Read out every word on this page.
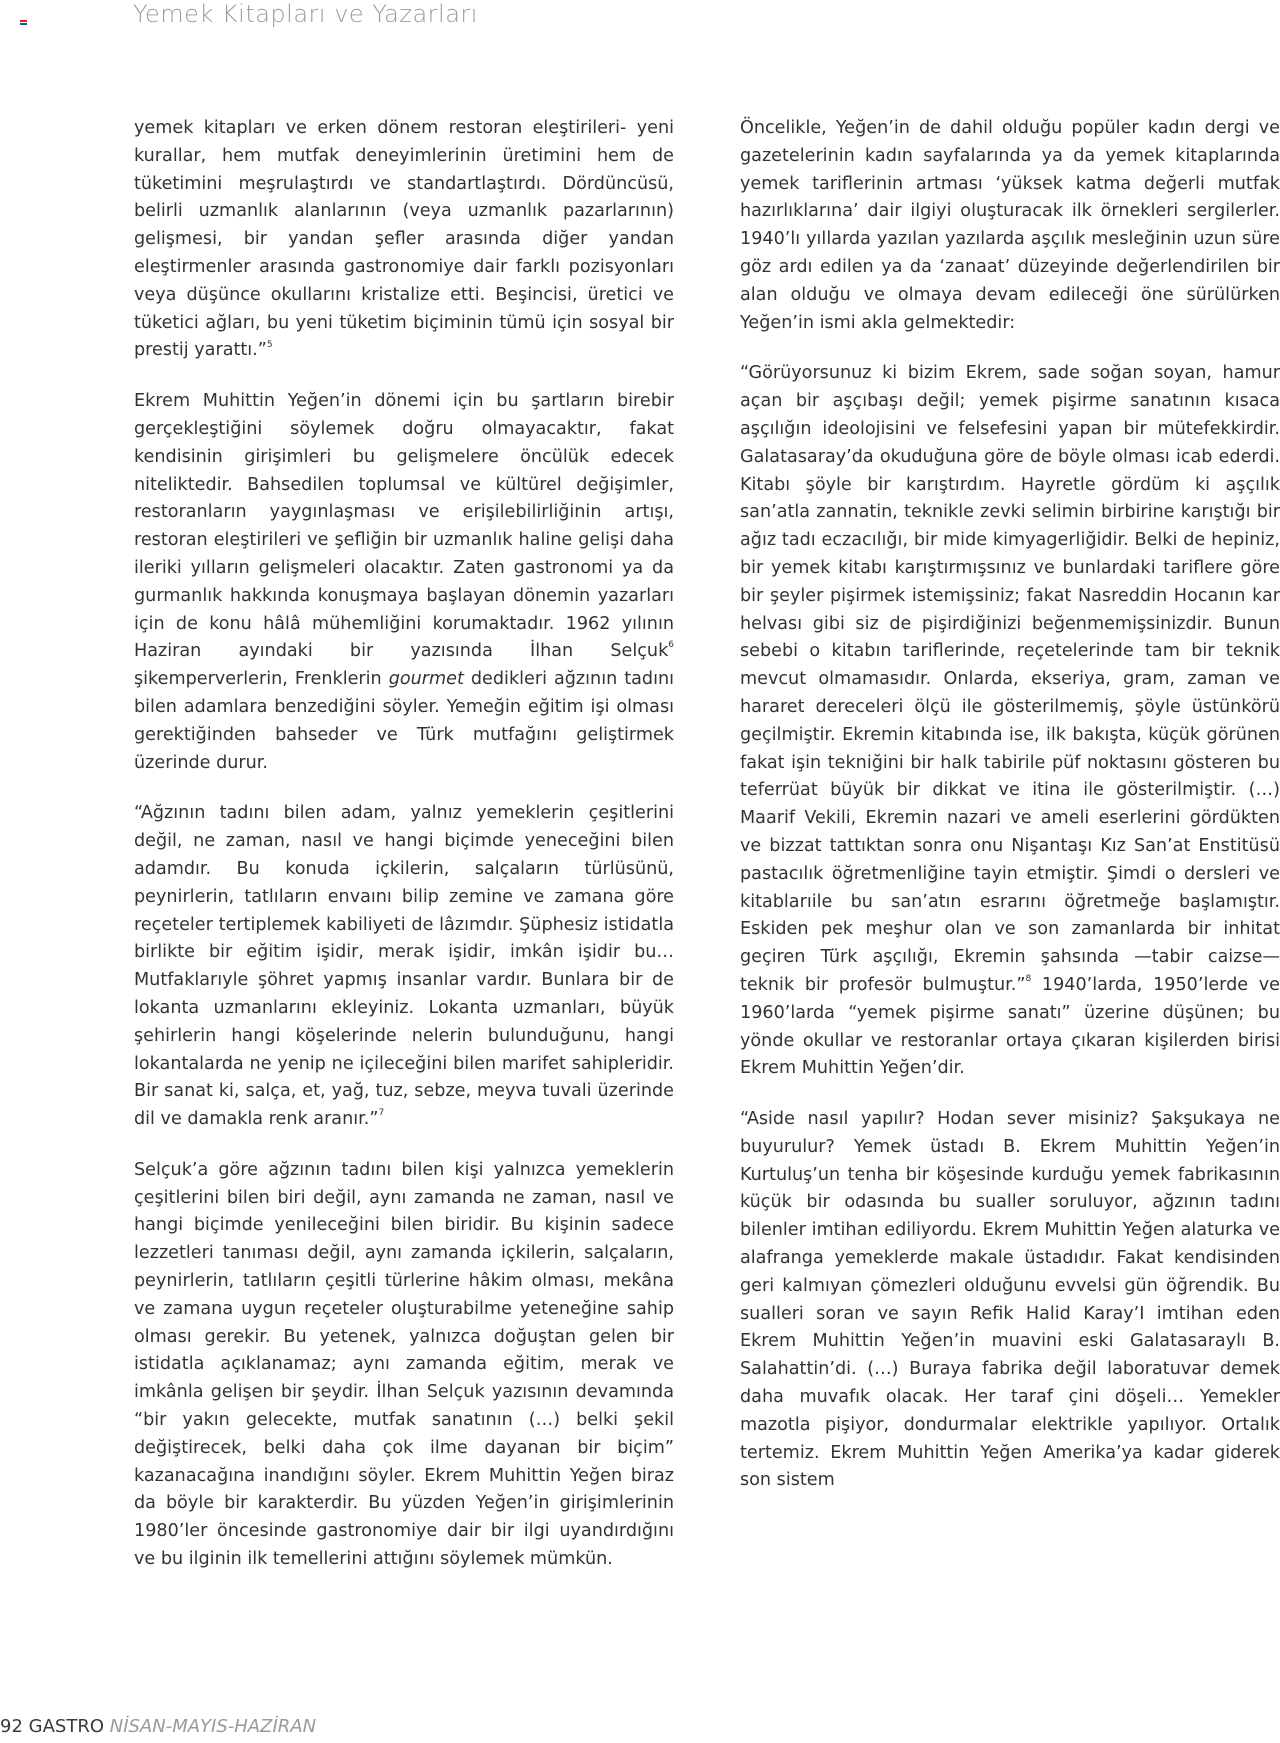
Yemek Kitapları ve Yazarları

yemek kitapları ve erken dönem restoran eleştirileri- yeni kurallar, hem mutfak deneyimlerinin üretimini hem de tüketimini meşrulaştırdı ve standartlaştırdı. Dördüncüsü, belirli uzmanlık alanlarının (veya uzmanlık pazarlarının) gelişmesi, bir yandan şefler arasında diğer yandan eleştirmenler arasında gastronomiye dair farklı pozisyonları veya düşünce okullarını kristalize etti. Beşincisi, üretici ve tüketici ağları, bu yeni tüketim biçiminin tümü için sosyal bir prestij yarattı.”$^5$

Ekrem Muhittin Yeğen’in dönemi için bu şartların birebir gerçekleştiğini söylemek doğru olmayacaktır, fakat kendisinin girişimleri bu gelişmelere öncülük edecek niteliktedir. Bahsedilen toplumsal ve kültürel değişimler, restoranların yaygınlaşması ve erişilebilirliğinin artışı, restoran eleştirileri ve şefliğin bir uzmanlık haline gelişi daha ileriki yılların gelişmeleri olacaktır. Zaten gastronomi ya da gurmanlık hakkında konuşmaya başlayan dönemin yazarları için de konu hâlâ mühemliğini korumaktadır. 1962 yılının Haziran ayındaki bir yazısında İlhan Selçuk$^6$ şikemperverlerin, Frenklerin gourmet dedikleri ağzının tadını bilen adamlara benzediğini söyler. Yemeğin eğitim işi olması gerektiğinden bahseder ve Türk mutfağını geliştirmek üzerinde durur.

“Ağzının tadını bilen adam, yalnız yemeklerin çeşitlerini değil, ne zaman, nasıl ve hangi biçimde yeneceğini bilen adamdır. Bu konuda içkilerin, salçaların türlüsünü, peynirlerin, tatlıların envaını bilip zemine ve zamana göre reçeteler tertiplemek kabiliyeti de lâzımdır. Şüphesiz istidatla birlikte bir eğitim işidir, merak işidir, imkân işidir bu… Mutfaklarıyle şöhret yapmış insanlar vardır. Bunlara bir de lokanta uzmanlarını ekleyiniz. Lokanta uzmanları, büyük şehirlerin hangi köşelerinde nelerin bulunduğunu, hangi lokantalarda ne yenip ne içileceğini bilen marifet sahipleridir. Bir sanat ki, salça, et, yağ, tuz, sebze, meyva tuvali üzerinde dil ve damakla renk aranır.”$^7$

Selçuk’a göre ağzının tadını bilen kişi yalnızca yemeklerin çeşitlerini bilen biri değil, aynı zamanda ne zaman, nasıl ve hangi biçimde yenileceğini bilen biridir. Bu kişinin sadece lezzetleri tanıması değil, aynı zamanda içkilerin, salçaların, peynirlerin, tatlıların çeşitli türlerine hâkim olması, mekâna ve zamana uygun reçeteler oluşturabilme yeteneğine sahip olması gerekir. Bu yetenek, yalnızca doğuştan gelen bir istidatla açıklanamaz; aynı zamanda eğitim, merak ve imkânla gelişen bir şeydir. İlhan Selçuk yazısının devamında “bir yakın gelecekte, mutfak sanatının (…) belki şekil değiştirecek, belki daha çok ilme dayanan bir biçim” kazanacağına inandığını söyler. Ekrem Muhittin Yeğen biraz da böyle bir karakterdir. Bu yüzden Yeğen’in girişimlerinin 1980’ler öncesinde gastronomiye dair bir ilgi uyandırdığını ve bu ilginin ilk temellerini attığını söylemek mümkün.

Öncelikle, Yeğen’in de dahil olduğu popüler kadın dergi ve gazetelerinin kadın sayfalarında ya da yemek kitaplarında yemek tariflerinin artması ‘yüksek katma değerli mutfak hazırlıklarına’ dair ilgiyi oluşturacak ilk örnekleri sergilerler. 1940’lı yıllarda yazılan yazılarda aşçılık mesleğinin uzun süre göz ardı edilen ya da ‘zanaat’ düzeyinde değerlendirilen bir alan olduğu ve olmaya devam edileceği öne sürülürken Yeğen’in ismi akla gelmektedir:

“Görüyorsunuz ki bizim Ekrem, sade soğan soyan, hamur açan bir aşçıbaşı değil; yemek pişirme sanatının kısaca aşçılığın ideolojisini ve felsefesini yapan bir mütefekkirdir. Galatasaray’da okuduğuna göre de böyle olması icab ederdi. Kitabı şöyle bir karıştırdım. Hayretle gördüm ki aşçılık san’atla zannatin, teknikle zevki selimin birbirine karıştığı bir ağız tadı eczacılığı, bir mide kimyagerliğidir. Belki de hepiniz, bir yemek kitabı karıştırmışsınız ve bunlardaki tariflere göre bir şeyler pişirmek istemişsiniz; fakat Nasreddin Hocanın kar helvası gibi siz de pişirdiğinizi beğenmemişsinizdir. Bunun sebebi o kitabın tariflerinde, reçetelerinde tam bir teknik mevcut olmamasıdır. Onlarda, ekseriya, gram, zaman ve hararet dereceleri ölçü ile gösterilmemiş, şöyle üstünkörü geçilmiştir. Ekremin kitabında ise, ilk bakışta, küçük görünen fakat işin tekniğini bir halk tabirile püf noktasını gösteren bu teferrüat büyük bir dikkat ve itina ile gösterilmiştir. (…) Maarif Vekili, Ekremin nazari ve ameli eserlerini gördükten ve bizzat tattıktan sonra onu Nişantaşı Kız San’at Enstitüsü pastacılık öğretmenliğine tayin etmiştir. Şimdi o dersleri ve kitablarıile bu san’atın esrarını öğretmeğe başlamıştır. Eskiden pek meşhur olan ve son zamanlarda bir inhitat geçiren Türk aşçılığı, Ekremin şahsında —tabir caizse— teknik bir profesör bulmuştur.”$^8$ 1940’larda, 1950’lerde ve 1960’larda “yemek pişirme sanatı” üzerine düşünen; bu yönde okullar ve restoranlar ortaya çıkaran kişilerden birisi Ekrem Muhittin Yeğen’dir.

“Aside nasıl yapılır? Hodan sever misiniz? Şakşukaya ne buyurulur? Yemek üstadı B. Ekrem Muhittin Yeğen’in Kurtuluş’un tenha bir köşesinde kurduğu yemek fabrikasının küçük bir odasında bu sualler soruluyor, ağzının tadını bilenler imtihan ediliyordu. Ekrem Muhittin Yeğen alaturka ve alafranga yemeklerde makale üstadıdır. Fakat kendisinden geri kalmıyan çömezleri olduğunu evvelsi gün öğrendik. Bu sualleri soran ve sayın Refik Halid Karay’I imtihan eden Ekrem Muhittin Yeğen’in muavini eski Galatasaraylı B. Salahattin’di. (…) Buraya fabrika değil laboratuvar demek daha muvafık olacak. Her taraf çini döşeli… Yemekler mazotla pişiyor, dondurmalar elektrikle yapılıyor. Ortalık tertemiz. Ekrem Muhittin Yeğen Amerika’ya kadar giderek son sistem

92 GASTRO NİSAN-MAYIS-HAZİRAN
